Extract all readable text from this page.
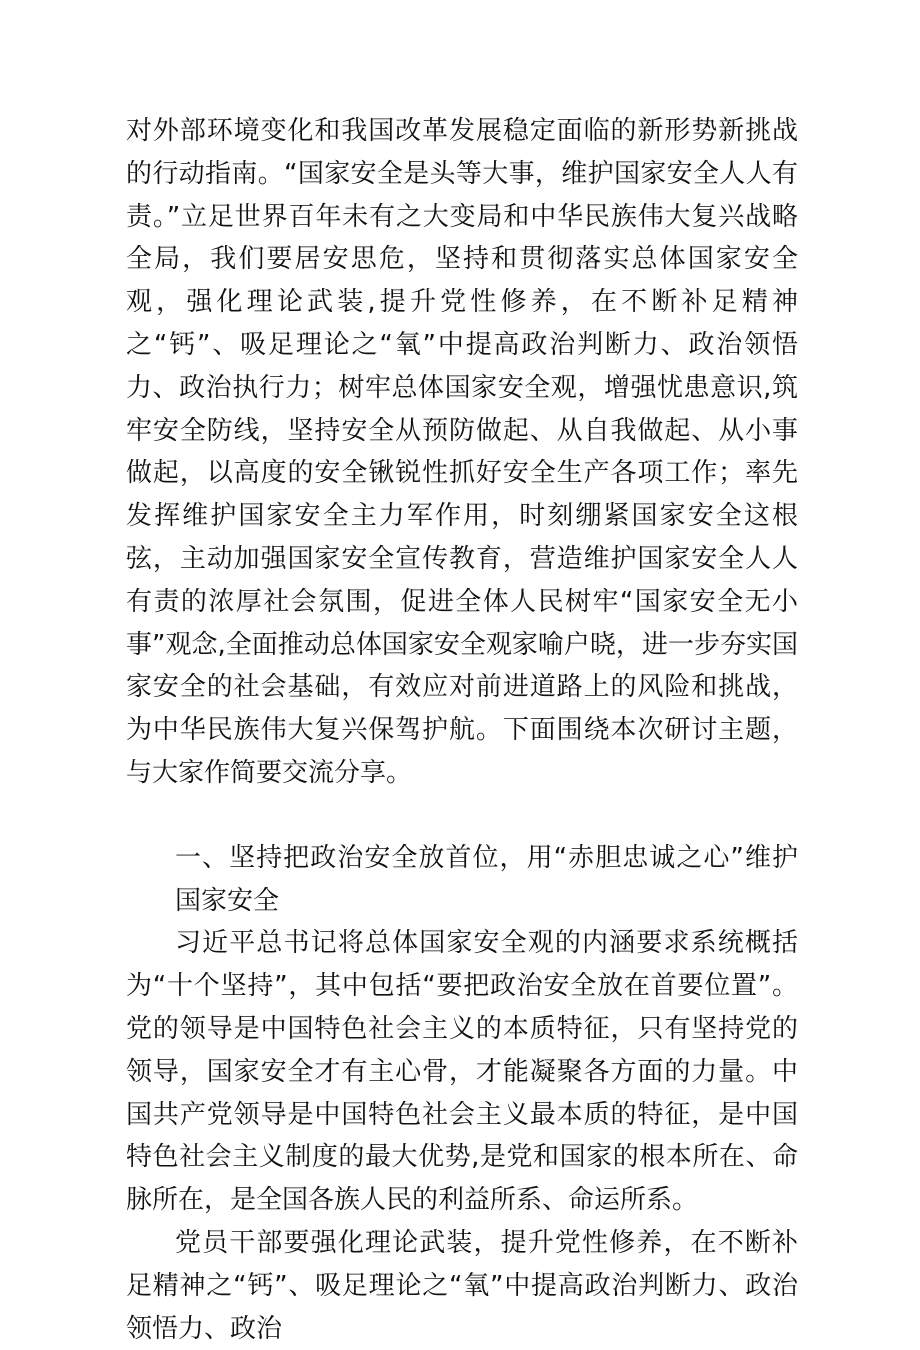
对外部环境变化和我国改革发展稳定面临的新形势新挑战的行动指南。“国家安全是头等大事，维护国家安全人人有责。”立足世界百年未有之大变局和中华民族伟大复兴战略全局，我们要居安思危，坚持和贯彻落实总体国家安全观，强化理论武装,提升党性修养，在不断补足精神之“钙”、吸足理论之“氧”中提高政治判断力、政治领悟力、政治执行力；树牢总体国家安全观，增强忧患意识,筑牢安全防线，坚持安全从预防做起、从自我做起、从小事做起，以高度的安全锹锐性抓好安全生产各项工作；率先发挥维护国家安全主力军作用，时刻绷紧国家安全这根弦，主动加强国家安全宣传教育，营造维护国家安全人人有责的浓厚社会氛围，促进全体人民树牢“国家安全无小事”观念,全面推动总体国家安全观家喻户晓，进一步夯实国家安全的社会基础，有效应对前进道路上的风险和挑战，为中华民族伟大复兴保驾护航。下面围绕本次研讨主题，与大家作简要交流分享。

一、坚持把政治安全放首位，用“赤胆忠诚之心”维护国家安全

习近平总书记将总体国家安全观的内涵要求系统概括为“十个坚持”，其中包括“要把政治安全放在首要位置”。党的领导是中国特色社会主义的本质特征，只有坚持党的领导，国家安全才有主心骨，才能凝聚各方面的力量。中国共产党领导是中国特色社会主义最本质的特征，是中国特色社会主义制度的最大优势,是党和国家的根本所在、命脉所在，是全国各族人民的利益所系、命运所系。

党员干部要强化理论武装，提升党性修养，在不断补足精神之“钙”、吸足理论之“氧”中提高政治判断力、政治领悟力、政治
